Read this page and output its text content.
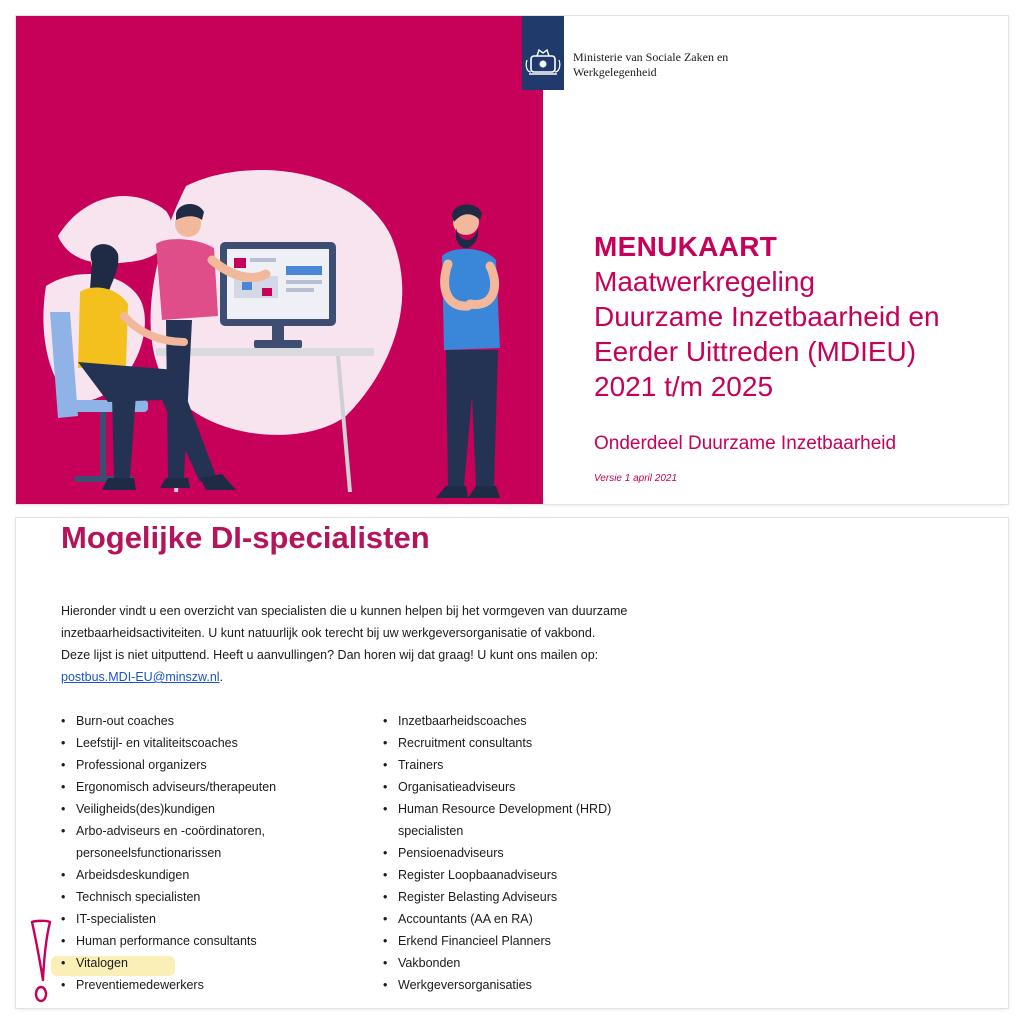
Ministerie van Sociale Zaken en
Werkgelegenheid
MENUKAART
Maatwerkregeling
Duurzame Inzetbaarheid en
Eerder Uittreden (MDIEU)
2021 t/m 2025
Onderdeel Duurzame Inzetbaarheid
Versie 1 april 2021
Mogelijke DI-specialisten
Hieronder vindt u een overzicht van specialisten die u kunnen helpen bij het vormgeven van duurzame
inzetbaarheidsactiviteiten. U kunt natuurlijk ook terecht bij uw werkgeversorganisatie of vakbond.
Deze lijst is niet uitputtend. Heeft u aanvullingen? Dan horen wij dat graag! U kunt ons mailen op:
postbus.MDI-EU@minszw.nl.
• Burn-out coaches
• Leefstijl- en vitaliteitscoaches
• Professional organizers
• Ergonomisch adviseurs/therapeuten
• Veiligheids(des)kundigen
• Arbo-adviseurs en -coördinatoren,
personeelsfunctionarissen
• Arbeidsdeskundigen
• Technisch specialisten
• IT-specialisten
• Human performance consultants
• Vitalogen
• Preventiemedewerkers
• Inzetbaarheidscoaches
• Recruitment consultants
• Trainers
• Organisatieadviseurs
• Human Resource Development (HRD)
specialisten
• Pensioenadviseurs
• Register Loopbaanadviseurs
• Register Belasting Adviseurs
• Accountants (AA en RA)
• Erkend Financieel Planners
• Vakbonden
• Werkgeversorganisaties
